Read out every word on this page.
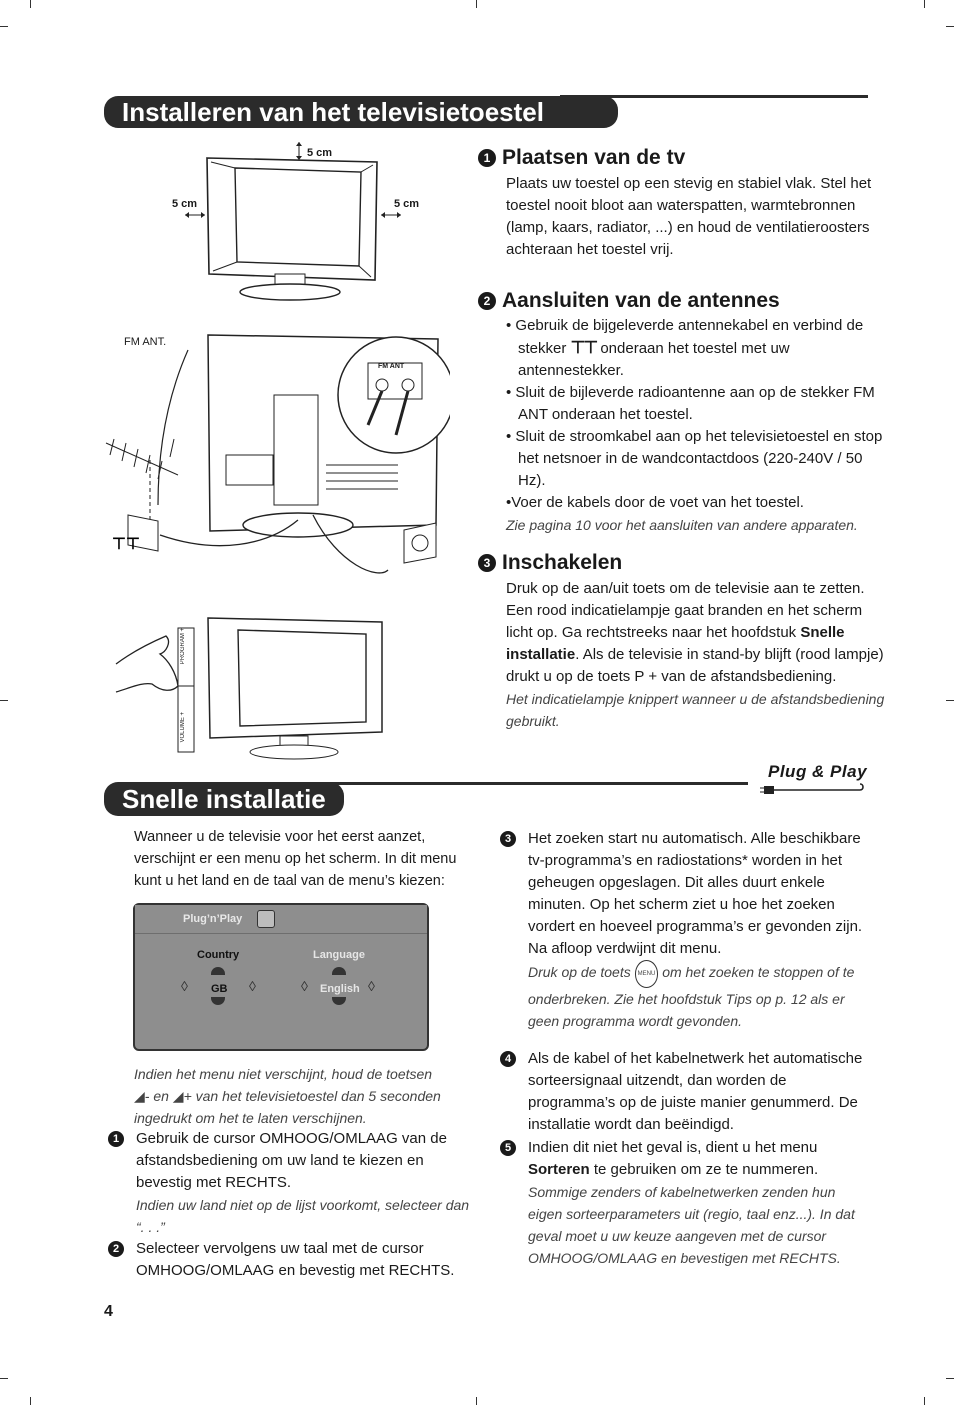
Installeren van het televisietoestel
5 cm
5 cm	5 cm
FM ANT.
⊤⊤
FM ANT
PROGRAM +
VOLUME +
1 Plaatsen van de tv
Plaats uw toestel op een stevig en stabiel vlak. Stel het toestel nooit bloot aan waterspatten, warmtebronnen (lamp, kaars, radiator, ...) en houd de ventilatieroosters achteraan het toestel vrij.
2 Aansluiten van de antennes
• Gebruik de bijgeleverde antennekabel en verbind de stekker ⊤⊤ onderaan het toestel met uw antennestekker.
• Sluit de bijleverde radioantenne aan op de stekker FM ANT onderaan het toestel.
• Sluit de stroomkabel aan op het televisietoestel en stop het netsnoer in de wandcontactdoos (220-240V / 50 Hz).
•Voer de kabels door de voet van het toestel.
Zie pagina 10 voor het aansluiten van andere apparaten.
3 Inschakelen
Druk op de aan/uit toets om de televisie aan te zetten. Een rood indicatielampje gaat branden en het scherm licht op. Ga rechtstreeks naar het hoofdstuk Snelle installatie. Als de televisie in stand-by blijft (rood lampje) drukt u op de toets P + van de afstandsbediening.
Het indicatielampje knippert wanneer u de afstandsbediening gebruikt.
Plug & Play
Snelle installatie
Wanneer u de televisie voor het eerst aanzet, verschijnt er een menu op het scherm. In dit menu kunt u het land en de taal van de menu’s kiezen:
Plug’n’Play
Country	Language
◊ GB ◊	◊ English ◊
Indien het menu niet verschijnt, houd de toetsen
◢- en ◢+ van het televisietoestel dan 5 seconden ingedrukt om het te laten verschijnen.
1	Gebruik de cursor OMHOOG/OMLAAG van de afstandsbediening om uw land te kiezen en bevestig met RECHTS.
Indien uw land niet op de lijst voorkomt, selecteer dan “. . .”
2	Selecteer vervolgens uw taal met de cursor OMHOOG/OMLAAG en bevestig met RECHTS.
3	Het zoeken start nu automatisch. Alle beschikbare tv-programma’s en radiostations* worden in het geheugen opgeslagen. Dit alles duurt enkele minuten. Op het scherm ziet u hoe het zoeken vordert en hoeveel programma’s er gevonden zijn. Na afloop verdwijnt dit menu.
Druk op de toets MENU om het zoeken te stoppen of te onderbreken. Zie het hoofdstuk Tips op p. 12 als er geen programma wordt gevonden.
4	Als de kabel of het kabelnetwerk het automatische sorteersignaal uitzendt, dan worden de programma’s op de juiste manier genummerd. De installatie wordt dan beëindigd.
5	Indien dit niet het geval is, dient u het menu Sorteren te gebruiken om ze te nummeren.
Sommige zenders of kabelnetwerken zenden hun eigen sorteerparameters uit (regio, taal enz...). In dat geval moet u uw keuze aangeven met de cursor OMHOOG/OMLAAG en bevestigen met RECHTS.
4
